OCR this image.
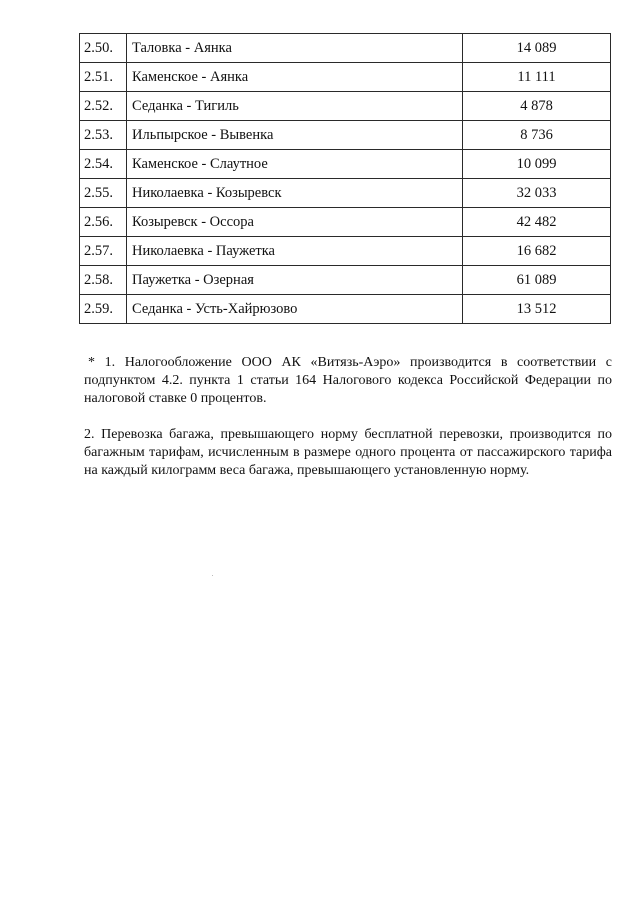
2.50.	Таловка - Аянка	14 089
2.51.	Каменское - Аянка	11 111
2.52.	Седанка - Тигиль	4 878
2.53.	Ильпырское - Вывенка	8 736
2.54.	Каменское - Слаутное	10 099
2.55.	Николаевка - Козыревск	32 033
2.56.	Козыревск - Оссора	42 482
2.57.	Николаевка - Паужетка	16 682
2.58.	Паужетка - Озерная	61 089
2.59.	Седанка - Усть-Хайрюзово	13 512

* 1. Налогообложение ООО АК «Витязь-Аэро» производится в соответствии с подпунктом 4.2. пункта 1 статьи 164 Налогового кодекса Российской Федерации по налоговой ставке 0 процентов.

2. Перевозка багажа, превышающего норму бесплатной перевозки, производится по багажным тарифам, исчисленным в размере одного процента от пассажирского тарифа на каждый килограмм веса багажа, превышающего установленную норму.
